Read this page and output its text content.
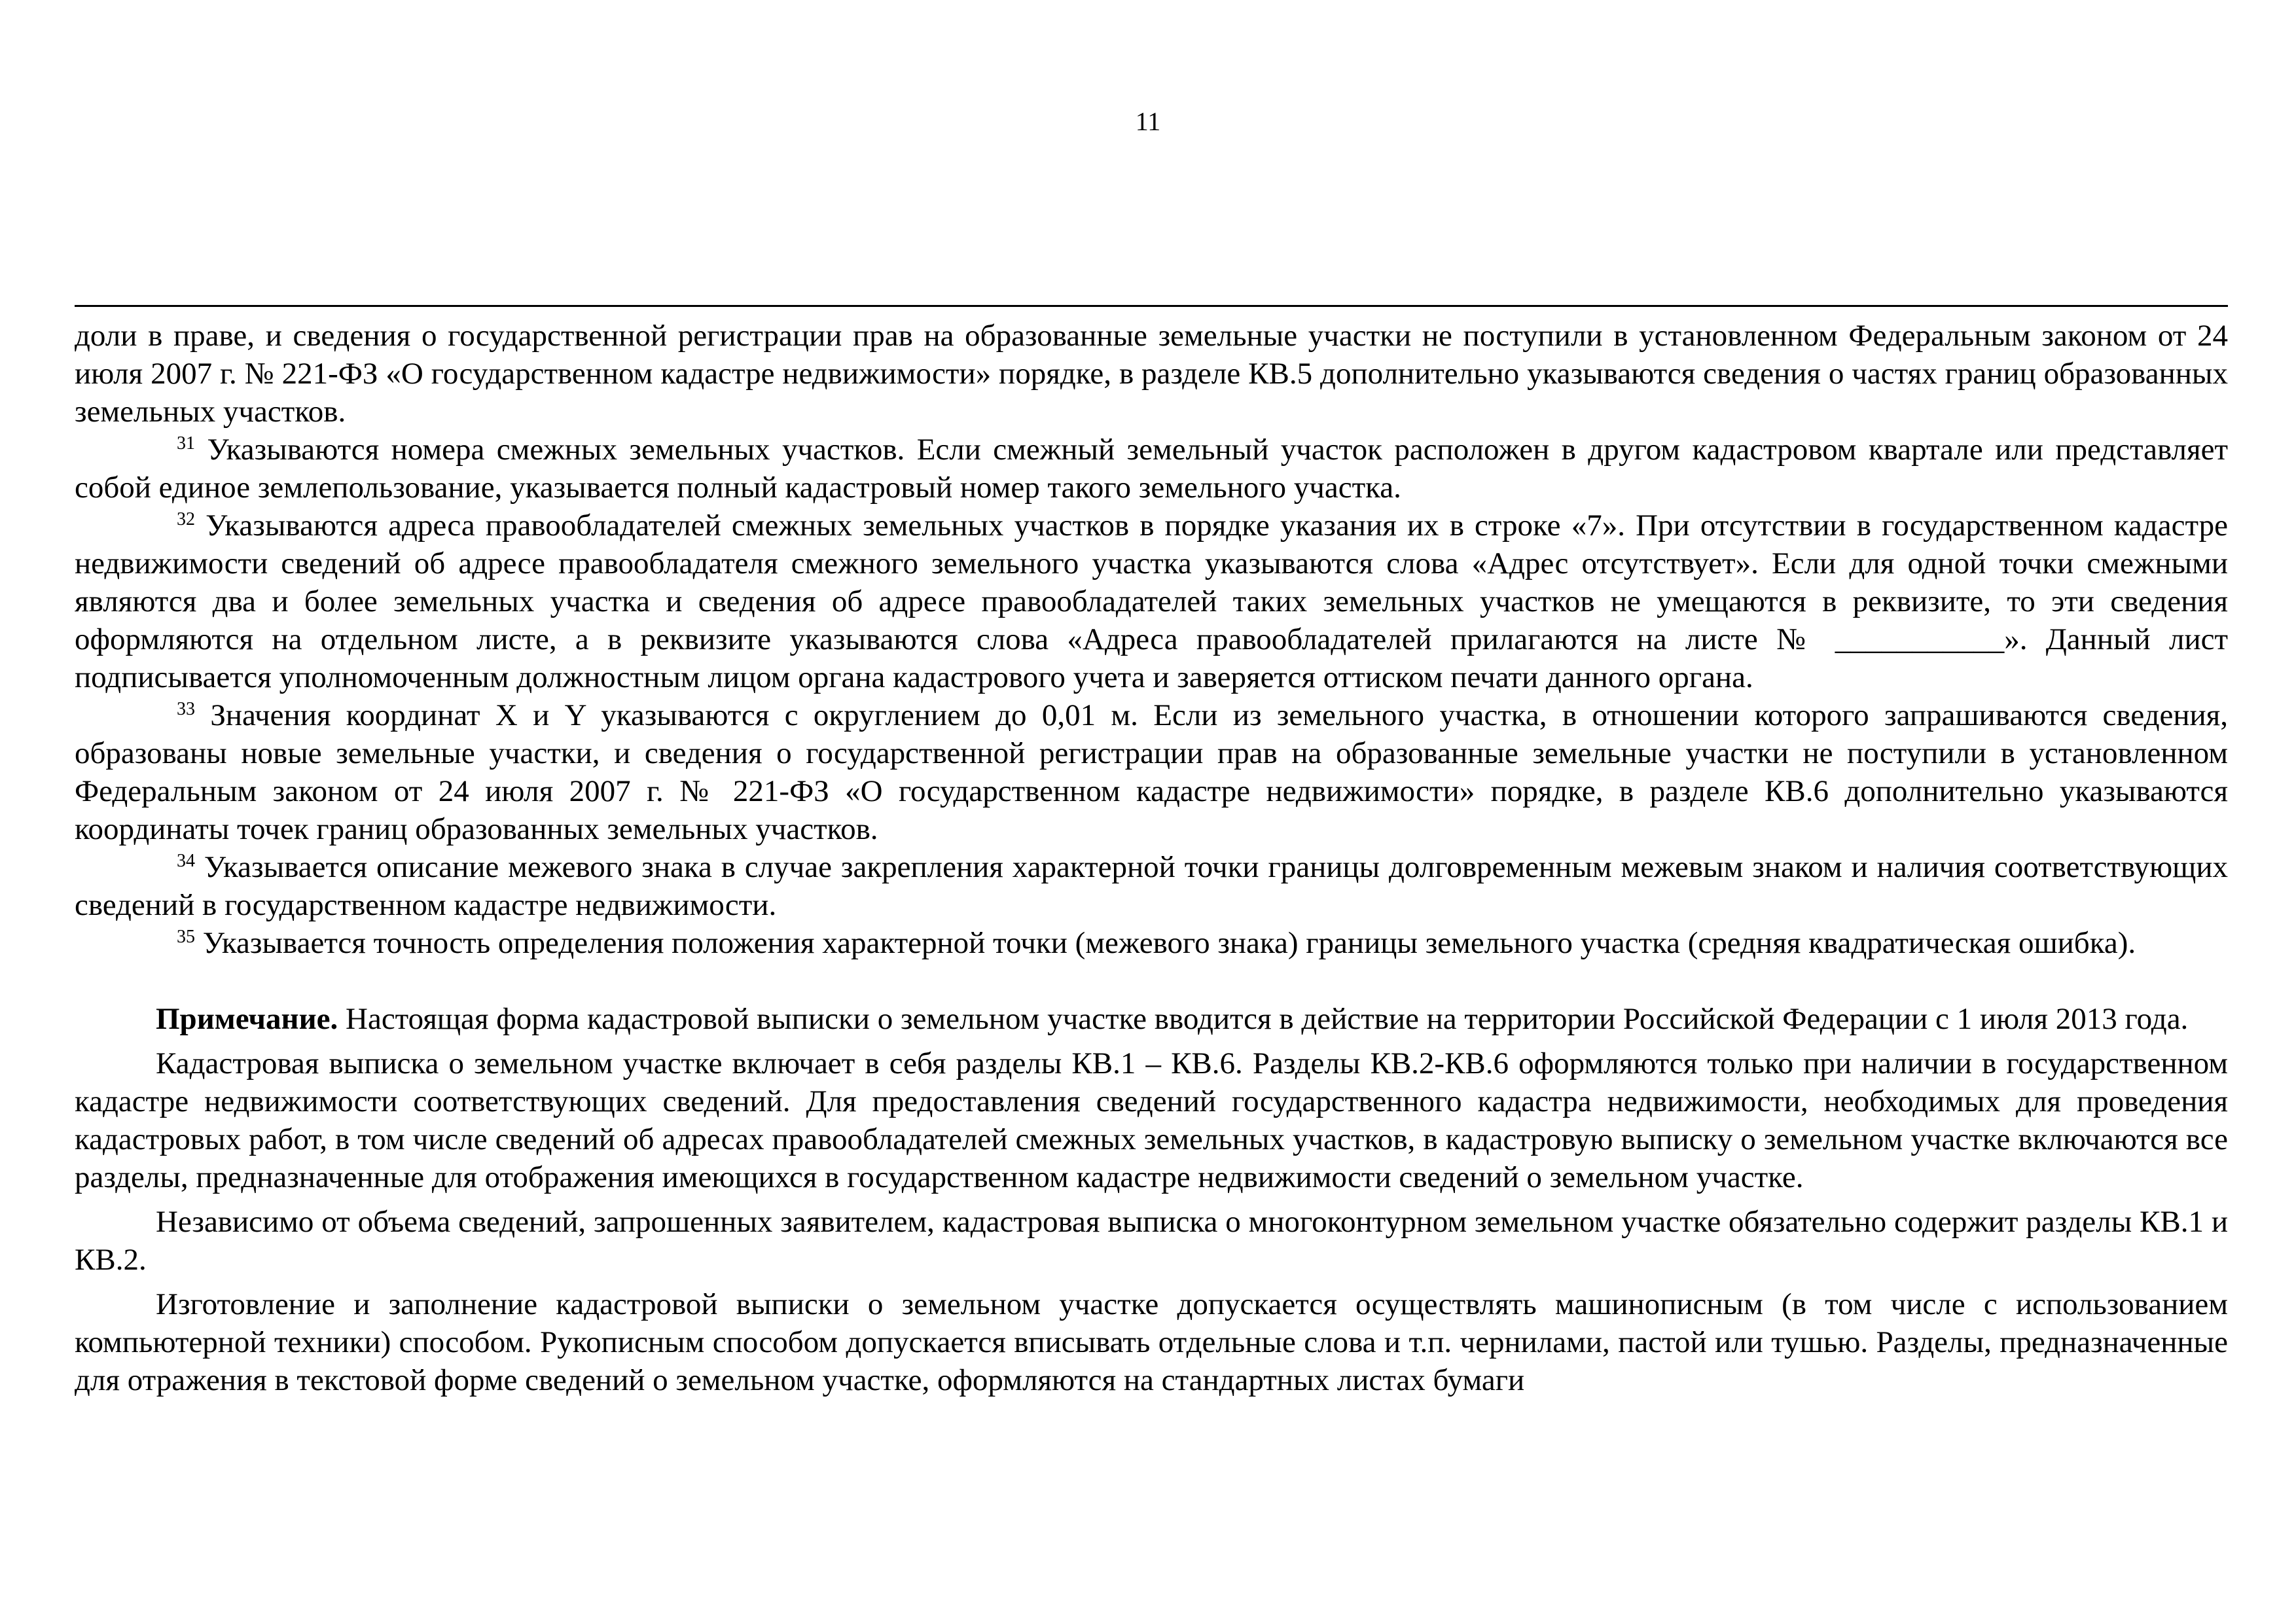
11

доли в праве, и сведения о государственной регистрации прав на образованные земельные участки не поступили в установленном Федеральным законом от 24 июля 2007 г. № 221-ФЗ «О государственном кадастре недвижимости» порядке, в разделе КВ.5 дополнительно указываются сведения о частях границ образованных земельных участков.

$^{31}$ Указываются номера смежных земельных участков. Если смежный земельный участок расположен в другом кадастровом квартале или представляет собой единое землепользование, указывается полный кадастровый номер такого земельного участка.

$^{32}$ Указываются адреса правообладателей смежных земельных участков в порядке указания их в строке «7». При отсутствии в государственном кадастре недвижимости сведений об адресе правообладателя смежного земельного участка указываются слова «Адрес отсутствует». Если для одной точки смежными являются два и более земельных участка и сведения об адресе правообладателей таких земельных участков не умещаются в реквизите, то эти сведения оформляются на отдельном листе, а в реквизите указываются слова «Адреса правообладателей прилагаются на листе № ___________». Данный лист подписывается уполномоченным должностным лицом органа кадастрового учета и заверяется оттиском печати данного органа.

$^{33}$ Значения координат X и Y указываются с округлением до 0,01 м. Если из земельного участка, в отношении которого запрашиваются сведения, образованы новые земельные участки, и сведения о государственной регистрации прав на образованные земельные участки не поступили в установленном Федеральным законом от 24 июля 2007 г. № 221-ФЗ «О государственном кадастре недвижимости» порядке, в разделе КВ.6 дополнительно указываются координаты точек границ образованных земельных участков.

$^{34}$ Указывается описание межевого знака в случае закрепления характерной точки границы долговременным межевым знаком и наличия соответствующих сведений в государственном кадастре недвижимости.

$^{35}$ Указывается точность определения положения характерной точки (межевого знака) границы земельного участка (средняя квадратическая ошибка).

Примечание. Настоящая форма кадастровой выписки о земельном участке вводится в действие на территории Российской Федерации с 1 июля 2013 года.

Кадастровая выписка о земельном участке включает в себя разделы КВ.1 – КВ.6. Разделы КВ.2-КВ.6 оформляются только при наличии в государственном кадастре недвижимости соответствующих сведений. Для предоставления сведений государственного кадастра недвижимости, необходимых для проведения кадастровых работ, в том числе сведений об адресах правообладателей смежных земельных участков, в кадастровую выписку о земельном участке включаются все разделы, предназначенные для отображения имеющихся в государственном кадастре недвижимости сведений о земельном участке.

Независимо от объема сведений, запрошенных заявителем, кадастровая выписка о многоконтурном земельном участке обязательно содержит разделы КВ.1 и КВ.2.

Изготовление и заполнение кадастровой выписки о земельном участке допускается осуществлять машинописным (в том числе с использованием компьютерной техники) способом. Рукописным способом допускается вписывать отдельные слова и т.п. чернилами, пастой или тушью. Разделы, предназначенные для отражения в текстовой форме сведений о земельном участке, оформляются на стандартных листах бумаги
